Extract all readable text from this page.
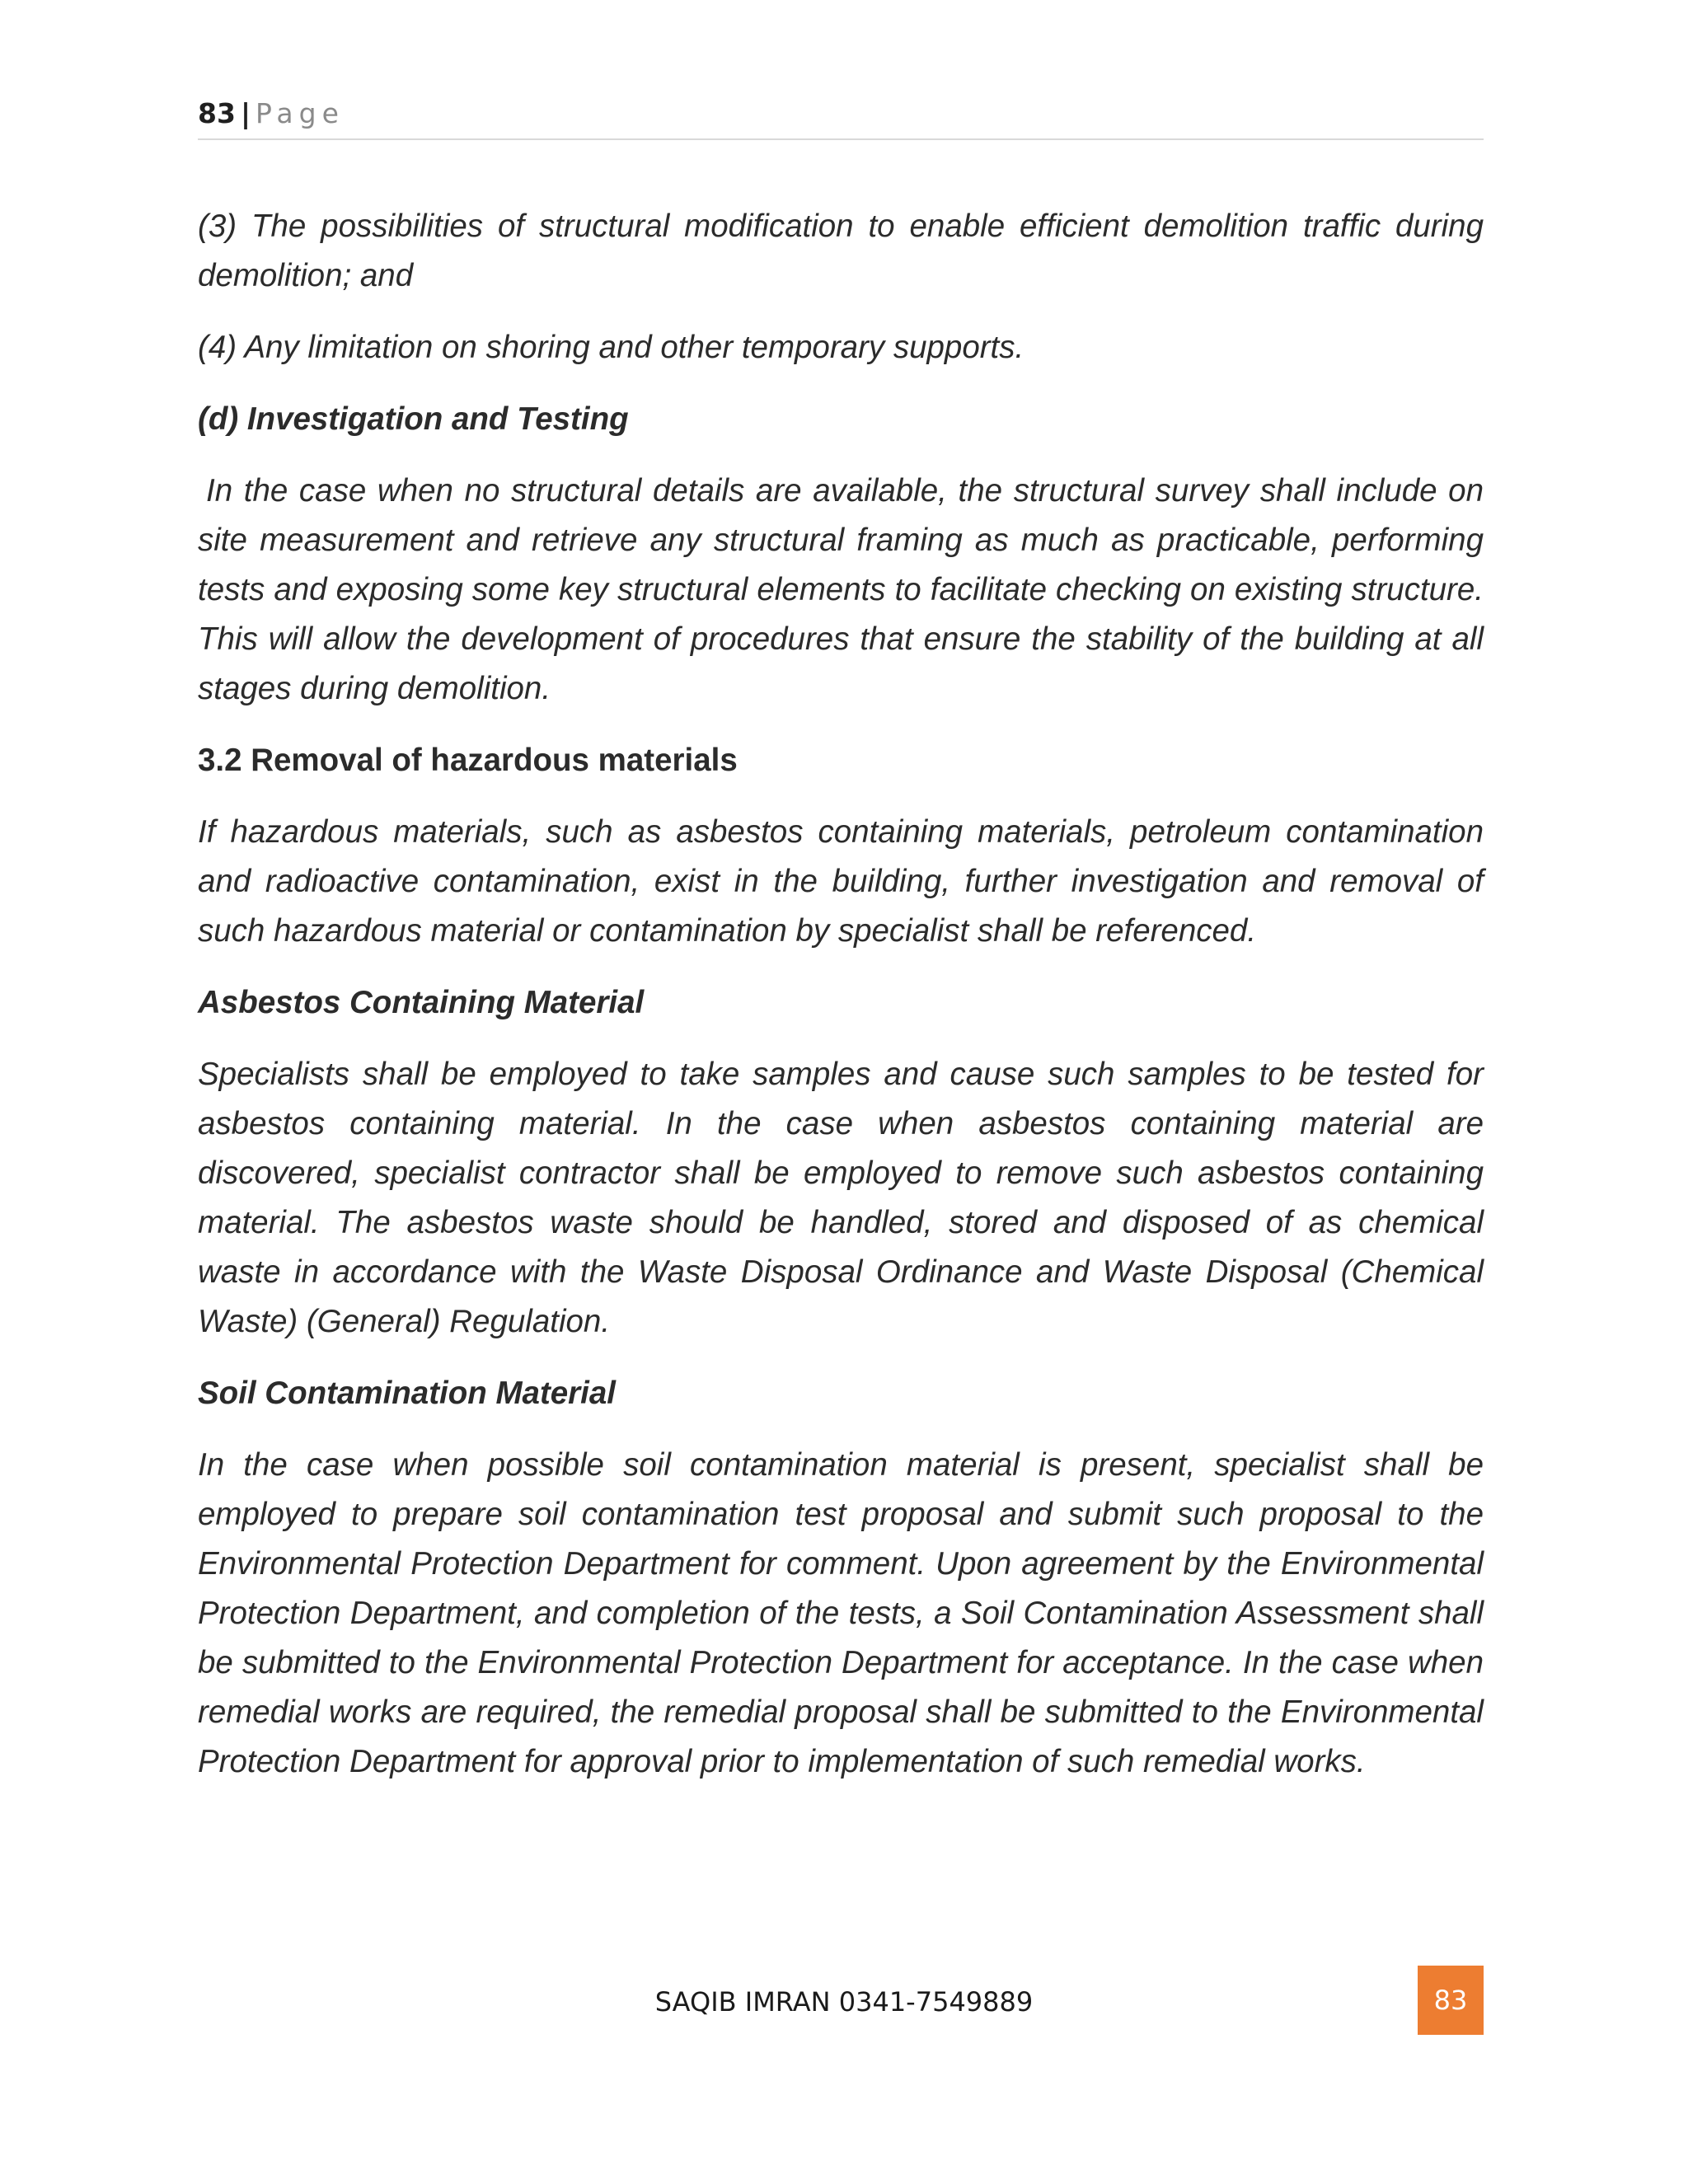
83 | Page

(3) The possibilities of structural modification to enable efficient demolition traffic during demolition; and

(4) Any limitation on shoring and other temporary supports.

(d) Investigation and Testing

In the case when no structural details are available, the structural survey shall include on site measurement and retrieve any structural framing as much as practicable, performing tests and exposing some key structural elements to facilitate checking on existing structure. This will allow the development of procedures that ensure the stability of the building at all stages during demolition.

3.2 Removal of hazardous materials

If hazardous materials, such as asbestos containing materials, petroleum contamination and radioactive contamination, exist in the building, further investigation and removal of such hazardous material or contamination by specialist shall be referenced.

Asbestos Containing Material

Specialists shall be employed to take samples and cause such samples to be tested for asbestos containing material. In the case when asbestos containing material are discovered, specialist contractor shall be employed to remove such asbestos containing material. The asbestos waste should be handled, stored and disposed of as chemical waste in accordance with the Waste Disposal Ordinance and Waste Disposal (Chemical Waste) (General) Regulation.

Soil Contamination Material

In the case when possible soil contamination material is present, specialist shall be employed to prepare soil contamination test proposal and submit such proposal to the Environmental Protection Department for comment. Upon agreement by the Environmental Protection Department, and completion of the tests, a Soil Contamination Assessment shall be submitted to the Environmental Protection Department for acceptance. In the case when remedial works are required, the remedial proposal shall be submitted to the Environmental Protection Department for approval prior to implementation of such remedial works.

SAQIB IMRAN 0341-7549889	83
